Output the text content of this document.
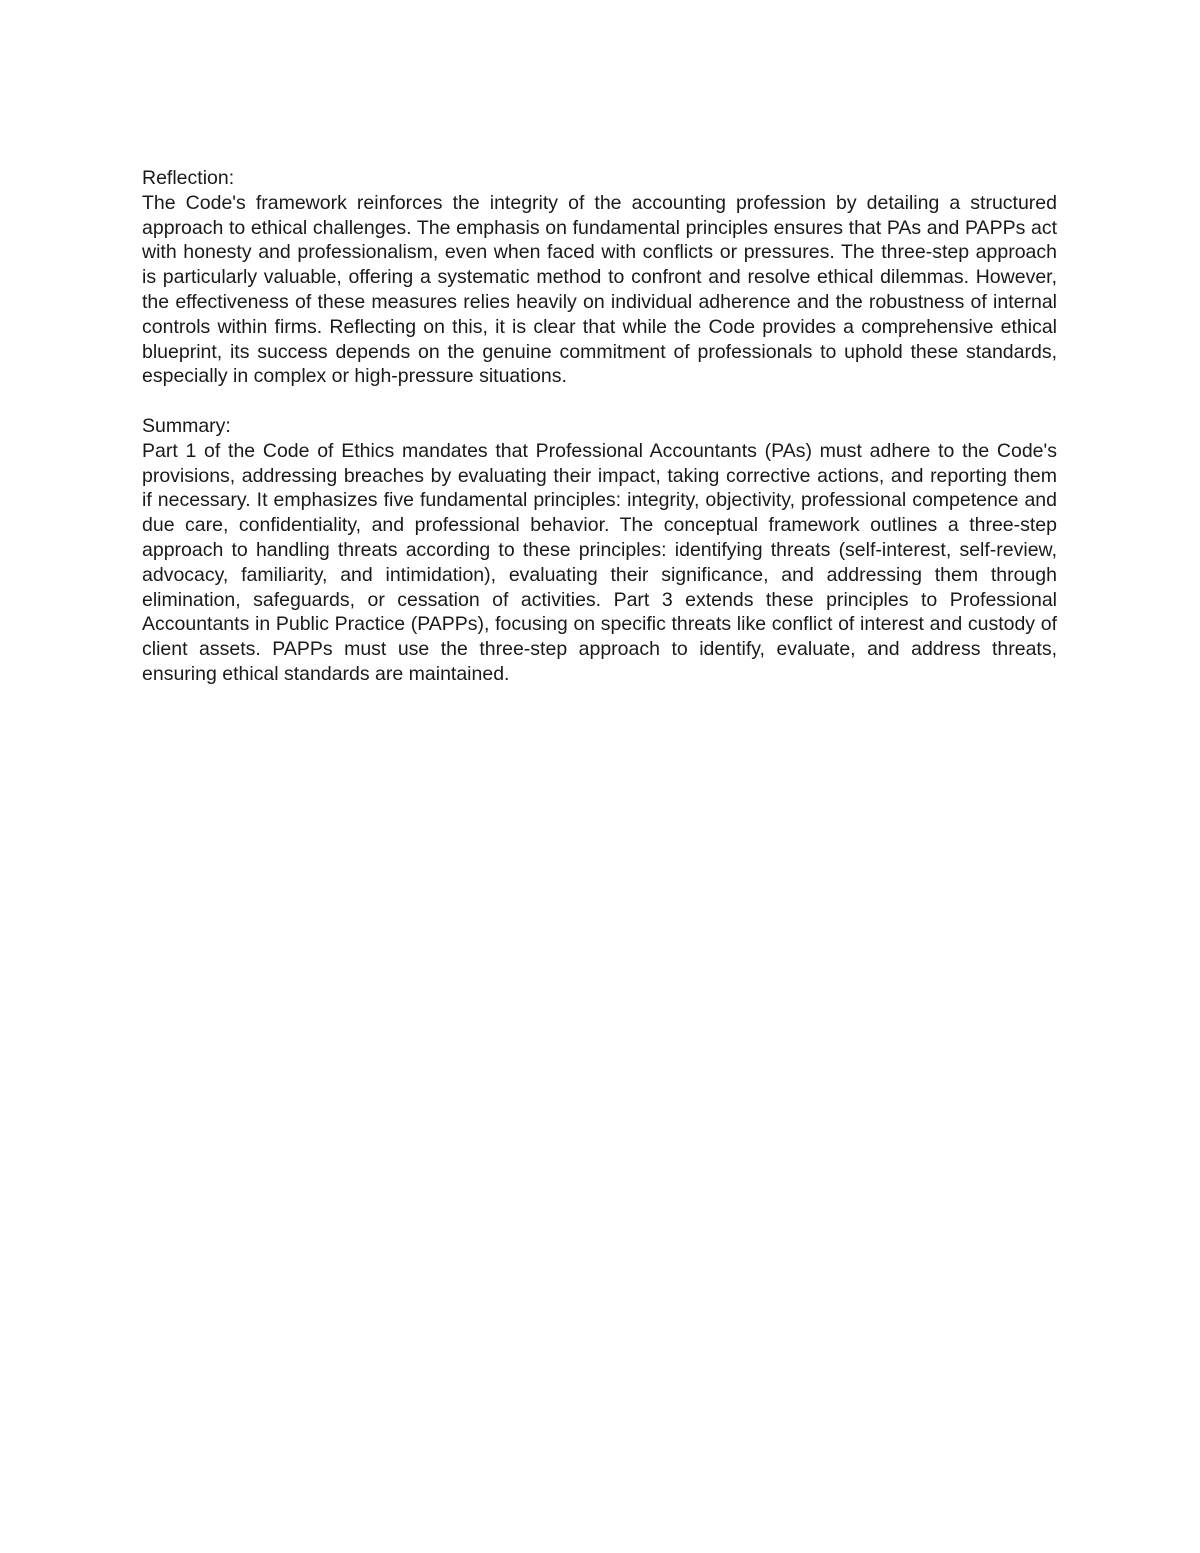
Reflection:
The Code's framework reinforces the integrity of the accounting profession by detailing a structured approach to ethical challenges. The emphasis on fundamental principles ensures that PAs and PAPPs act with honesty and professionalism, even when faced with conflicts or pressures. The three-step approach is particularly valuable, offering a systematic method to confront and resolve ethical dilemmas. However, the effectiveness of these measures relies heavily on individual adherence and the robustness of internal controls within firms. Reflecting on this, it is clear that while the Code provides a comprehensive ethical blueprint, its success depends on the genuine commitment of professionals to uphold these standards, especially in complex or high-pressure situations.
Summary:
Part 1 of the Code of Ethics mandates that Professional Accountants (PAs) must adhere to the Code's provisions, addressing breaches by evaluating their impact, taking corrective actions, and reporting them if necessary. It emphasizes five fundamental principles: integrity, objectivity, professional competence and due care, confidentiality, and professional behavior. The conceptual framework outlines a three-step approach to handling threats according to these principles: identifying threats (self-interest, self-review, advocacy, familiarity, and intimidation), evaluating their significance, and addressing them through elimination, safeguards, or cessation of activities. Part 3 extends these principles to Professional Accountants in Public Practice (PAPPs), focusing on specific threats like conflict of interest and custody of client assets. PAPPs must use the three-step approach to identify, evaluate, and address threats, ensuring ethical standards are maintained.
